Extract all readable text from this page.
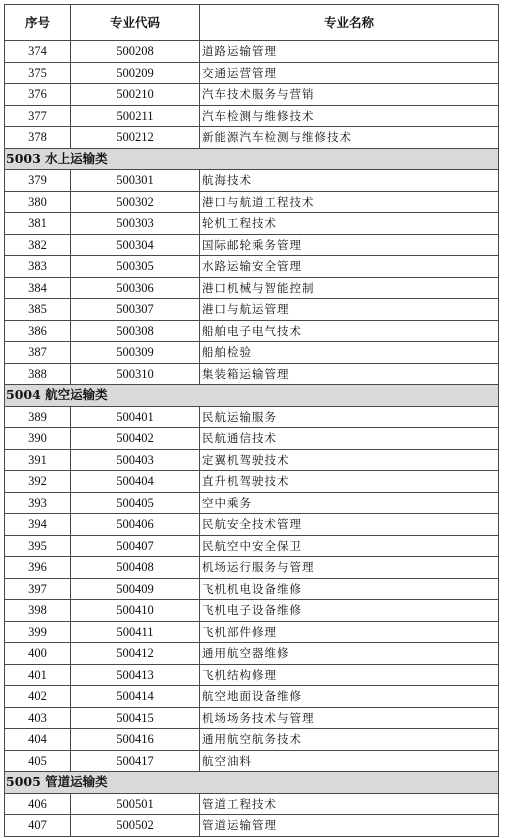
序号	专业代码	专业名称
374	500208	道路运输管理
375	500209	交通运营管理
376	500210	汽车技术服务与营销
377	500211	汽车检测与维修技术
378	500212	新能源汽车检测与维修技术
5003 水上运输类		
379	500301	航海技术
380	500302	港口与航道工程技术
381	500303	轮机工程技术
382	500304	国际邮轮乘务管理
383	500305	水路运输安全管理
384	500306	港口机械与智能控制
385	500307	港口与航运管理
386	500308	船舶电子电气技术
387	500309	船舶检验
388	500310	集装箱运输管理
5004 航空运输类		
389	500401	民航运输服务
390	500402	民航通信技术
391	500403	定翼机驾驶技术
392	500404	直升机驾驶技术
393	500405	空中乘务
394	500406	民航安全技术管理
395	500407	民航空中安全保卫
396	500408	机场运行服务与管理
397	500409	飞机机电设备维修
398	500410	飞机电子设备维修
399	500411	飞机部件修理
400	500412	通用航空器维修
401	500413	飞机结构修理
402	500414	航空地面设备维修
403	500415	机场场务技术与管理
404	500416	通用航空航务技术
405	500417	航空油料
5005 管道运输类		
406	500501	管道工程技术
407	500502	管道运输管理
